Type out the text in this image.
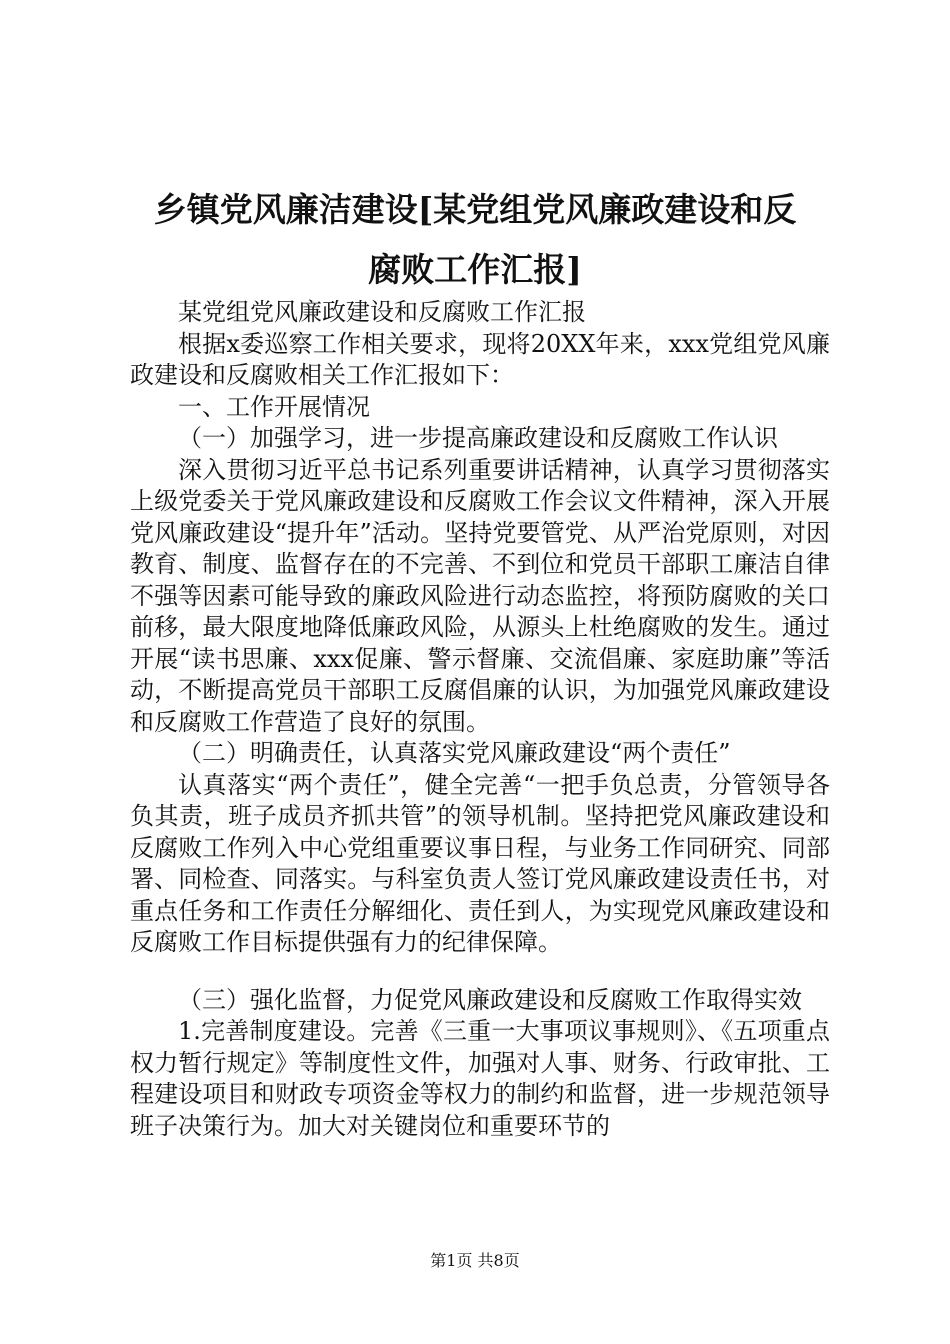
乡镇党风廉洁建设[某党组党风廉政建设和反
腐败工作汇报]

某党组党风廉政建设和反腐败工作汇报

根据x委巡察工作相关要求，现将20XX年来，xxx党组党风廉政建设和反腐败相关工作汇报如下：

一、工作开展情况

（一）加强学习，进一步提高廉政建设和反腐败工作认识

深入贯彻习近平总书记系列重要讲话精神，认真学习贯彻落实上级党委关于党风廉政建设和反腐败工作会议文件精神，深入开展党风廉政建设“提升年”活动。坚持党要管党、从严治党原则，对因教育、制度、监督存在的不完善、不到位和党员干部职工廉洁自律不强等因素可能导致的廉政风险进行动态监控，将预防腐败的关口前移，最大限度地降低廉政风险，从源头上杜绝腐败的发生。通过开展“读书思廉、xxx促廉、警示督廉、交流倡廉、家庭助廉”等活动，不断提高党员干部职工反腐倡廉的认识，为加强党风廉政建设和反腐败工作营造了良好的氛围。

（二）明确责任，认真落实党风廉政建设“两个责任”

认真落实“两个责任”，健全完善“一把手负总责，分管领导各负其责，班子成员齐抓共管”的领导机制。坚持把党风廉政建设和反腐败工作列入中心党组重要议事日程，与业务工作同研究、同部署、同检查、同落实。与科室负责人签订党风廉政建设责任书，对重点任务和工作责任分解细化、责任到人，为实现党风廉政建设和反腐败工作目标提供强有力的纪律保障。

（三）强化监督，力促党风廉政建设和反腐败工作取得实效

1.完善制度建设。完善《三重一大事项议事规则》、《五项重点权力暂行规定》等制度性文件，加强对人事、财务、行政审批、工程建设项目和财政专项资金等权力的制约和监督，进一步规范领导班子决策行为。加大对关键岗位和重要环节的

第1页 共8页
